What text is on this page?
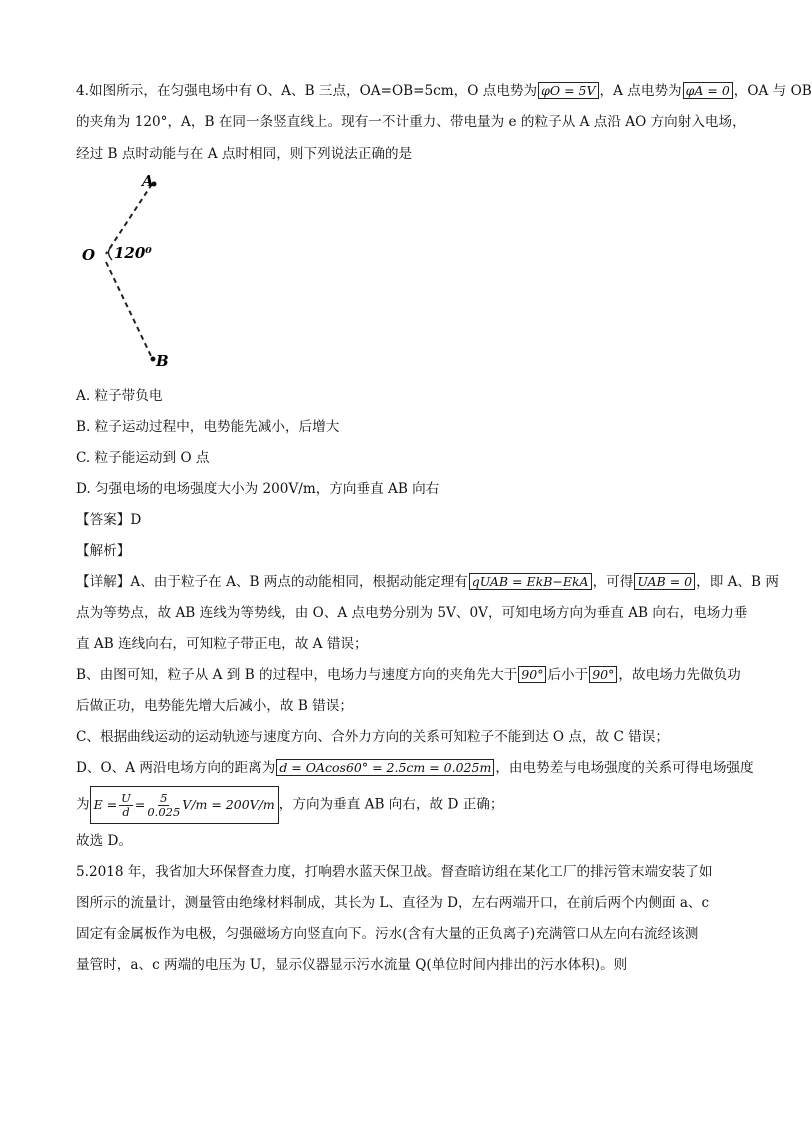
4.如图所示，在匀强电场中有 O、A、B 三点，OA=OB=5cm，O 点电势为 φO = 5V ，A 点电势为 φA = 0 ，OA 与 OB
的夹角为 120°，A，B 在同一条竖直线上。现有一不计重力、带电量为 e 的粒子从 A 点沿 AO 方向射入电场，
经过 B 点时动能与在 A 点时相同，则下列说法正确的是
A
O 120⁰
B
A. 粒子带负电
B. 粒子运动过程中，电势能先减小，后增大
C. 粒子能运动到 O 点
D. 匀强电场的电场强度大小为 200V/m，方向垂直 AB 向右
【答案】D
【解析】
【详解】A、由于粒子在 A、B 两点的动能相同，根据动能定理有 qUAB = EkB−EkA ，可得 UAB = 0 ，即 A、B 两
点为等势点，故 AB 连线为等势线，由 O、A 点电势分别为 5V、0V，可知电场方向为垂直 AB 向右，电场力垂
直 AB 连线向右，可知粒子带正电，故 A 错误；
B、由图可知，粒子从 A 到 B 的过程中，电场力与速度方向的夹角先大于 90° 后小于 90° ，故电场力先做负功
后做正功，电势能先增大后减小，故 B 错误；
C、根据曲线运动的运动轨迹与速度方向、合外力方向的关系可知粒子不能到达 O 点，故 C 错误；
D、O、A 两沿电场方向的距离为 d = OAcos60° = 2.5cm = 0.025m ，由电势差与电场强度的关系可得电场强度
为 $E = \frac{U}{d} = \frac{5}{0.025} V/m = 200V/m$ ，方向为垂直 AB 向右，故 D 正确；
故选 D。
5.2018 年，我省加大环保督查力度，打响碧水蓝天保卫战。督查暗访组在某化工厂的排污管末端安装了如
图所示的流量计，测量管由绝缘材料制成，其长为 L、直径为 D，左右两端开口，在前后两个内侧面 a、c
固定有金属板作为电极，匀强磁场方向竖直向下。污水(含有大量的正负离子)充满管口从左向右流经该测
量管时，a、c 两端的电压为 U，显示仪器显示污水流量 Q(单位时间内排出的污水体积)。则
